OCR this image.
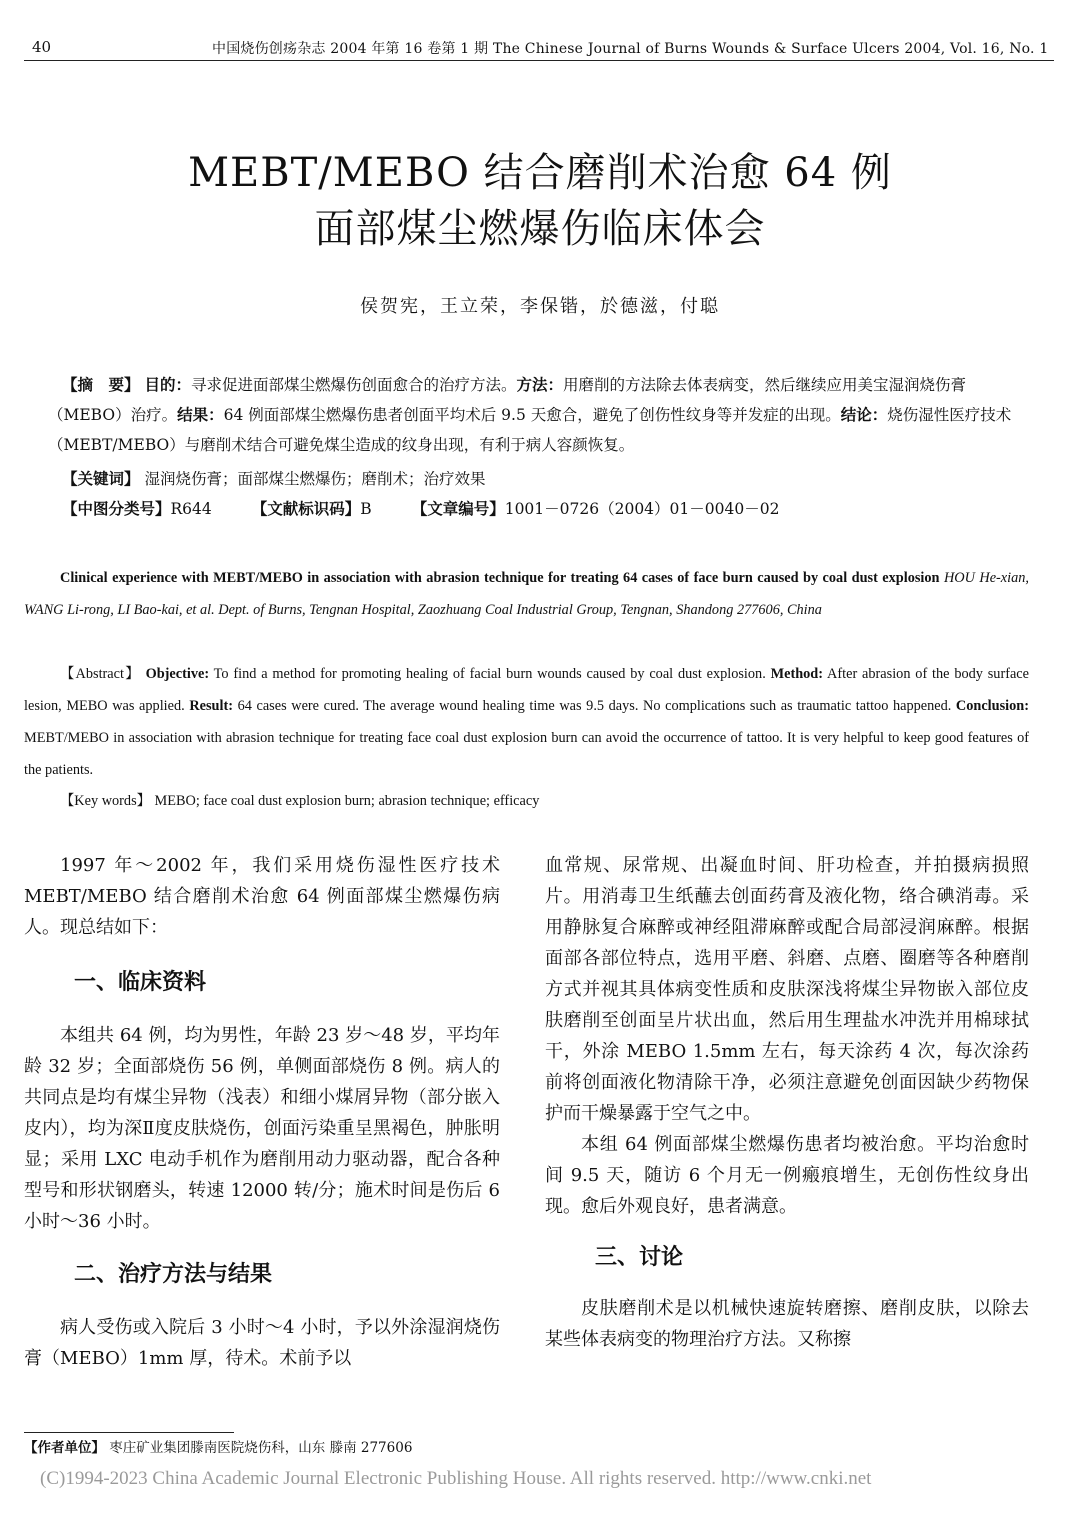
40	中国烧伤创疡杂志 2004 年第 16 卷第 1 期 The Chinese Journal of Burns Wounds & Surface Ulcers 2004, Vol. 16, No. 1
MEBT/MEBO 结合磨削术治愈 64 例
面部煤尘燃爆伤临床体会
侯贺宪，王立荣，李保锴，於德滋，付聪
【摘　要】 目的：寻求促进面部煤尘燃爆伤创面愈合的治疗方法。方法：用磨削的方法除去体表病变，然后继续应用美宝湿润烧伤膏（MEBO）治疗。结果：64 例面部煤尘燃爆伤患者创面平均术后 9.5 天愈合，避免了创伤性纹身等并发症的出现。结论：烧伤湿性医疗技术（MEBT/MEBO）与磨削术结合可避免煤尘造成的纹身出现，有利于病人容颜恢复。
【关键词】 湿润烧伤膏；面部煤尘燃爆伤；磨削术；治疗效果
【中图分类号】R644	【文献标识码】B	【文章编号】1001－0726（2004）01－0040－02
Clinical experience with MEBT/MEBO in association with abrasion technique for treating 64 cases of face burn caused by coal dust explosion HOU He-xian, WANG Li-rong, LI Bao-kai, et al. Dept. of Burns, Tengnan Hospital, Zaozhuang Coal Industrial Group, Tengnan, Shandong 277606, China
【Abstract】 Objective: To find a method for promoting healing of facial burn wounds caused by coal dust explosion. Method: After abrasion of the body surface lesion, MEBO was applied. Result: 64 cases were cured. The average wound healing time was 9.5 days. No complications such as traumatic tattoo happened. Conclusion: MEBT/MEBO in association with abrasion technique for treating face coal dust explosion burn can avoid the occurrence of tattoo. It is very helpful to keep good features of the patients.
【Key words】 MEBO; face coal dust explosion burn; abrasion technique; efficacy

1997 年～2002 年，我们采用烧伤湿性医疗技术 MEBT/MEBO 结合磨削术治愈 64 例面部煤尘燃爆伤病人。现总结如下：

一、临床资料

本组共 64 例，均为男性，年龄 23 岁～48 岁，平均年龄 32 岁；全面部烧伤 56 例，单侧面部烧伤 8 例。病人的共同点是均有煤尘异物（浅表）和细小煤屑异物（部分嵌入皮内），均为深Ⅱ度皮肤烧伤，创面污染重呈黑褐色，肿胀明显；采用 LXC 电动手机作为磨削用动力驱动器，配合各种型号和形状钢磨头，转速 12000 转/分；施术时间是伤后 6 小时～36 小时。

二、治疗方法与结果

病人受伤或入院后 3 小时～4 小时，予以外涂湿润烧伤膏（MEBO）1mm 厚，待术。术前予以

血常规、尿常规、出凝血时间、肝功检查，并拍摄病损照片。用消毒卫生纸蘸去创面药膏及液化物，络合碘消毒。采用静脉复合麻醉或神经阻滞麻醉或配合局部浸润麻醉。根据面部各部位特点，选用平磨、斜磨、点磨、圈磨等各种磨削方式并视其具体病变性质和皮肤深浅将煤尘异物嵌入部位皮肤磨削至创面呈片状出血，然后用生理盐水冲洗并用棉球拭干，外涂 MEBO 1.5mm 左右，每天涂药 4 次，每次涂药前将创面液化物清除干净，必须注意避免创面因缺少药物保护而干燥暴露于空气之中。

本组 64 例面部煤尘燃爆伤患者均被治愈。平均治愈时间 9.5 天，随访 6 个月无一例瘢痕增生，无创伤性纹身出现。愈后外观良好，患者满意。

三、讨论

皮肤磨削术是以机械快速旋转磨擦、磨削皮肤，以除去某些体表病变的物理治疗方法。又称擦

【作者单位】 枣庄矿业集团滕南医院烧伤科，山东 滕南 277606
(C)1994-2023 China Academic Journal Electronic Publishing House. All rights reserved. http://www.cnki.net
